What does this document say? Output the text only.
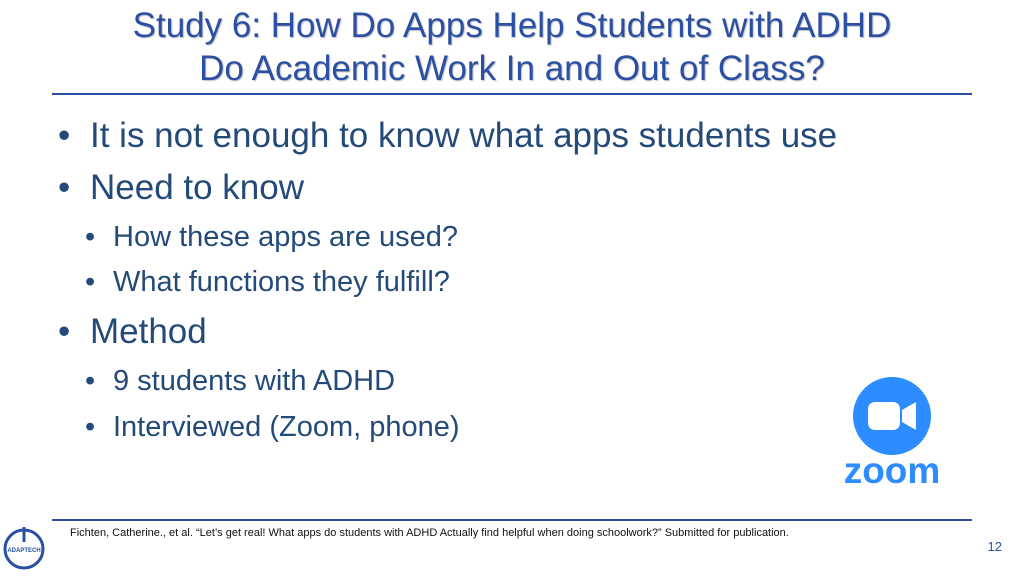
Study 6: How Do Apps Help Students with ADHD
Do Academic Work In and Out of Class?
• It is not enough to know what apps students use
• Need to know
• How these apps are used?
• What functions they fulfill?
• Method
• 9 students with ADHD
• Interviewed (Zoom, phone)
zoom
Fichten, Catherine., et al. “Let’s get real! What apps do students with ADHD Actually find helpful when doing schoolwork?” Submitted for publication.
12
ADAPTECH
